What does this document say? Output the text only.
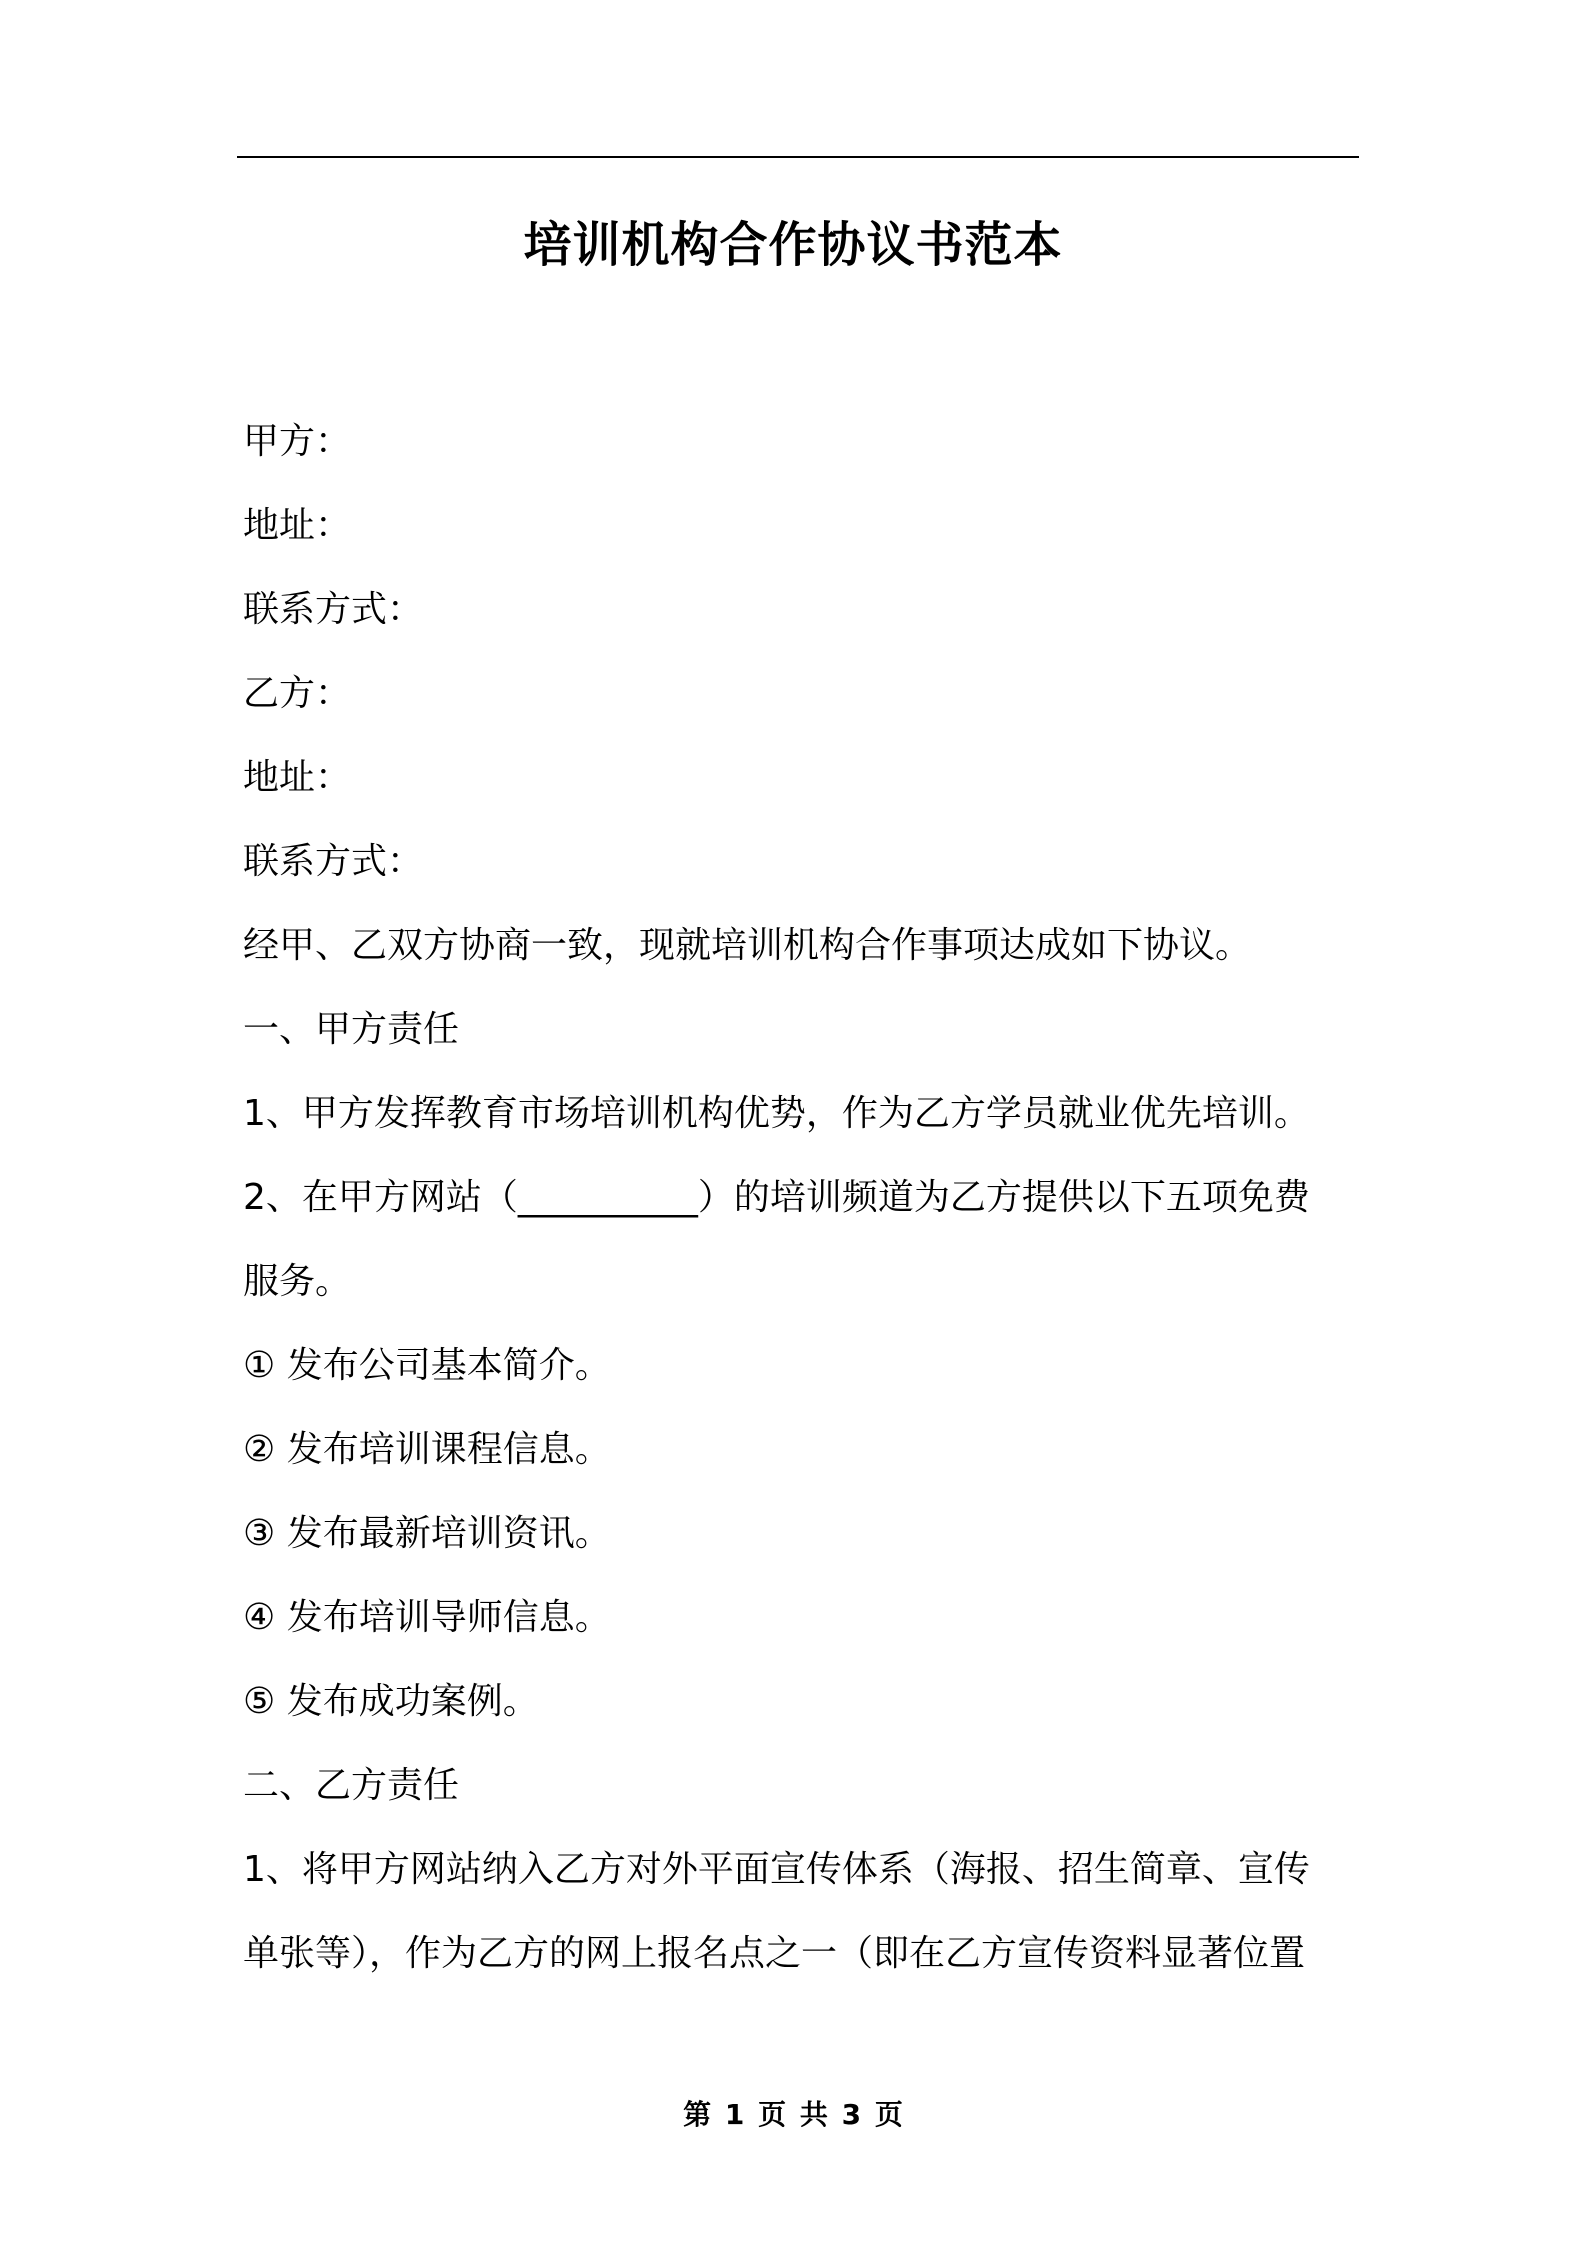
培训机构合作协议书范本
甲方：
地址：
联系方式：
乙方：
地址：
联系方式：
经甲、乙双方协商一致，现就培训机构合作事项达成如下协议。
一、甲方责任
1、甲方发挥教育市场培训机构优势，作为乙方学员就业优先培训。
2、在甲方网站（__________）的培训频道为乙方提供以下五项免费
服务。
① 发布公司基本简介。
② 发布培训课程信息。
③ 发布最新培训资讯。
④ 发布培训导师信息。
⑤ 发布成功案例。
二、乙方责任
1、将甲方网站纳入乙方对外平面宣传体系（海报、招生简章、宣传
单张等），作为乙方的网上报名点之一（即在乙方宣传资料显著位置
第 1 页 共 3 页
